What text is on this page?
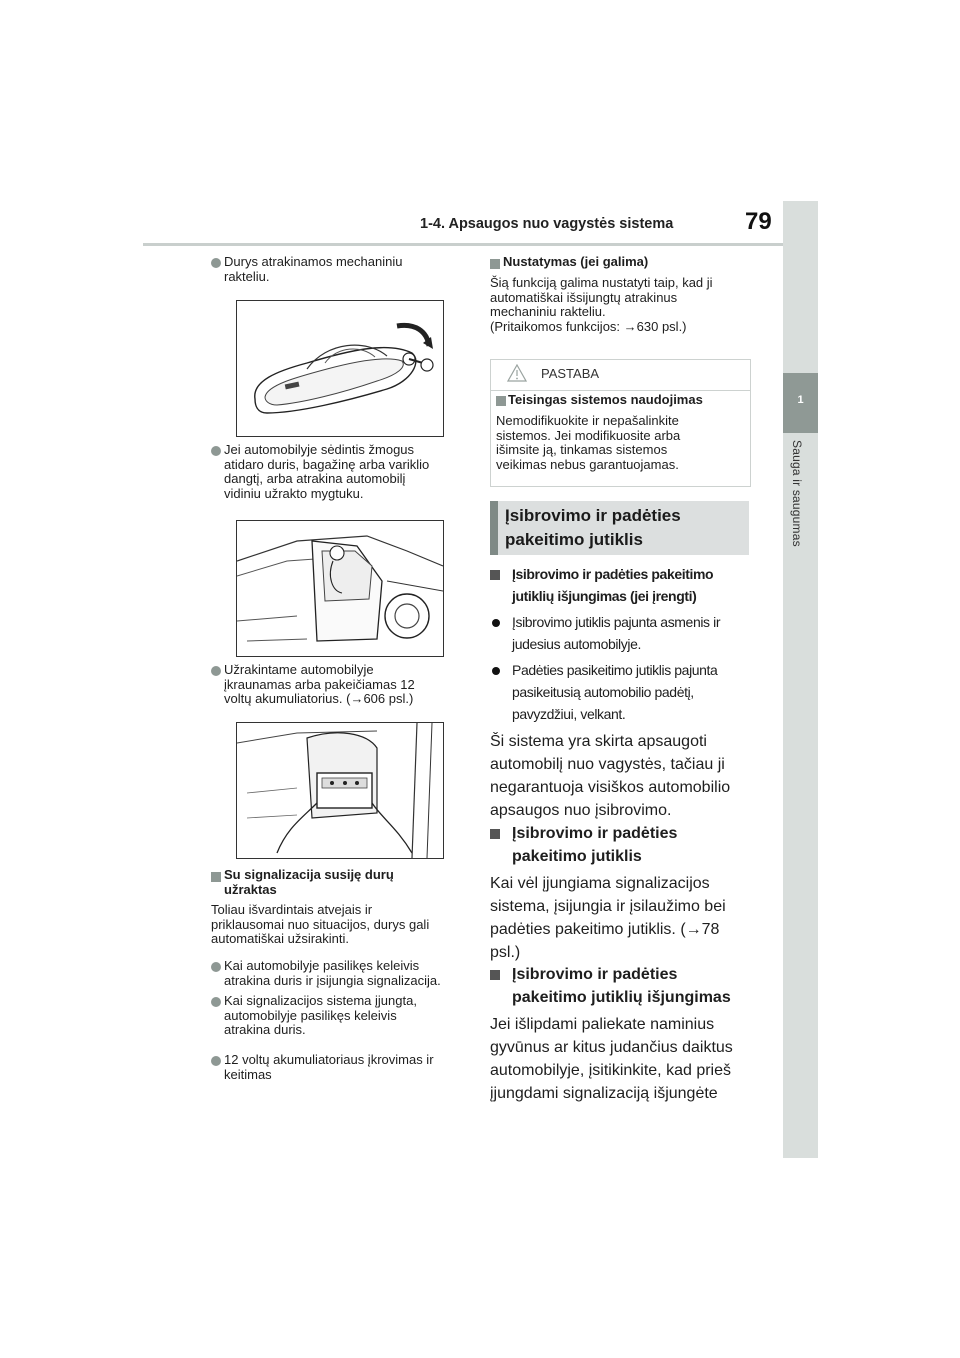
1-4. Apsaugos nuo vagystės sistema	79
1
Sauga ir saugumas
Durys atrakinamos mechaniniu
rakteliu.
Jei automobilyje sėdintis žmogus
atidaro duris, bagažinę arba variklio
dangtį, arba atrakina automobilį
vidiniu užrakto mygtuku.
Užrakintame automobilyje
įkraunamas arba pakeičiamas 12
voltų akumuliatorius. (→606 psl.)
Su signalizacija susiję durų
užraktas
Toliau išvardintais atvejais ir
priklausomai nuo situacijos, durys gali
automatiškai užsirakinti.
Kai automobilyje pasilikęs keleivis
atrakina duris ir įsijungia signalizacija.
Kai signalizacijos sistema įjungta,
automobilyje pasilikęs keleivis
atrakina duris.
12 voltų akumuliatoriaus įkrovimas ir
keitimas
Nustatymas (jei galima)
Šią funkciją galima nustatyti taip, kad ji
automatiškai išsijungtų atrakinus
mechaniniu rakteliu.
(Pritaikomos funkcijos: →630 psl.)
PASTABA
Teisingas sistemos naudojimas
Nemodifikuokite ir nepašalinkite
sistemos. Jei modifikuosite arba
išimsite ją, tinkamas sistemos
veikimas nebus garantuojamas.
Įsibrovimo ir padėties
pakeitimo jutiklis
Įsibrovimo ir padėties pakeitimo
jutiklių išjungimas (jei įrengti)
Įsibrovimo jutiklis pajunta asmenis ir
judesius automobilyje.
Padėties pasikeitimo jutiklis pajunta
pasikeitusią automobilio padėtį,
pavyzdžiui, velkant.
Ši sistema yra skirta apsaugoti
automobilį nuo vagystės, tačiau ji
negarantuoja visiškos automobilio
apsaugos nuo įsibrovimo.
Įsibrovimo ir padėties
pakeitimo jutiklis
Kai vėl įjungiama signalizacijos
sistema, įsijungia ir įsilaužimo bei
padėties pakeitimo jutiklis. (→78
psl.)
Įsibrovimo ir padėties
pakeitimo jutiklių išjungimas
Jei išlipdami paliekate naminius
gyvūnus ar kitus judančius daiktus
automobilyje, įsitikinkite, kad prieš
įjungdami signalizaciją išjungėte
